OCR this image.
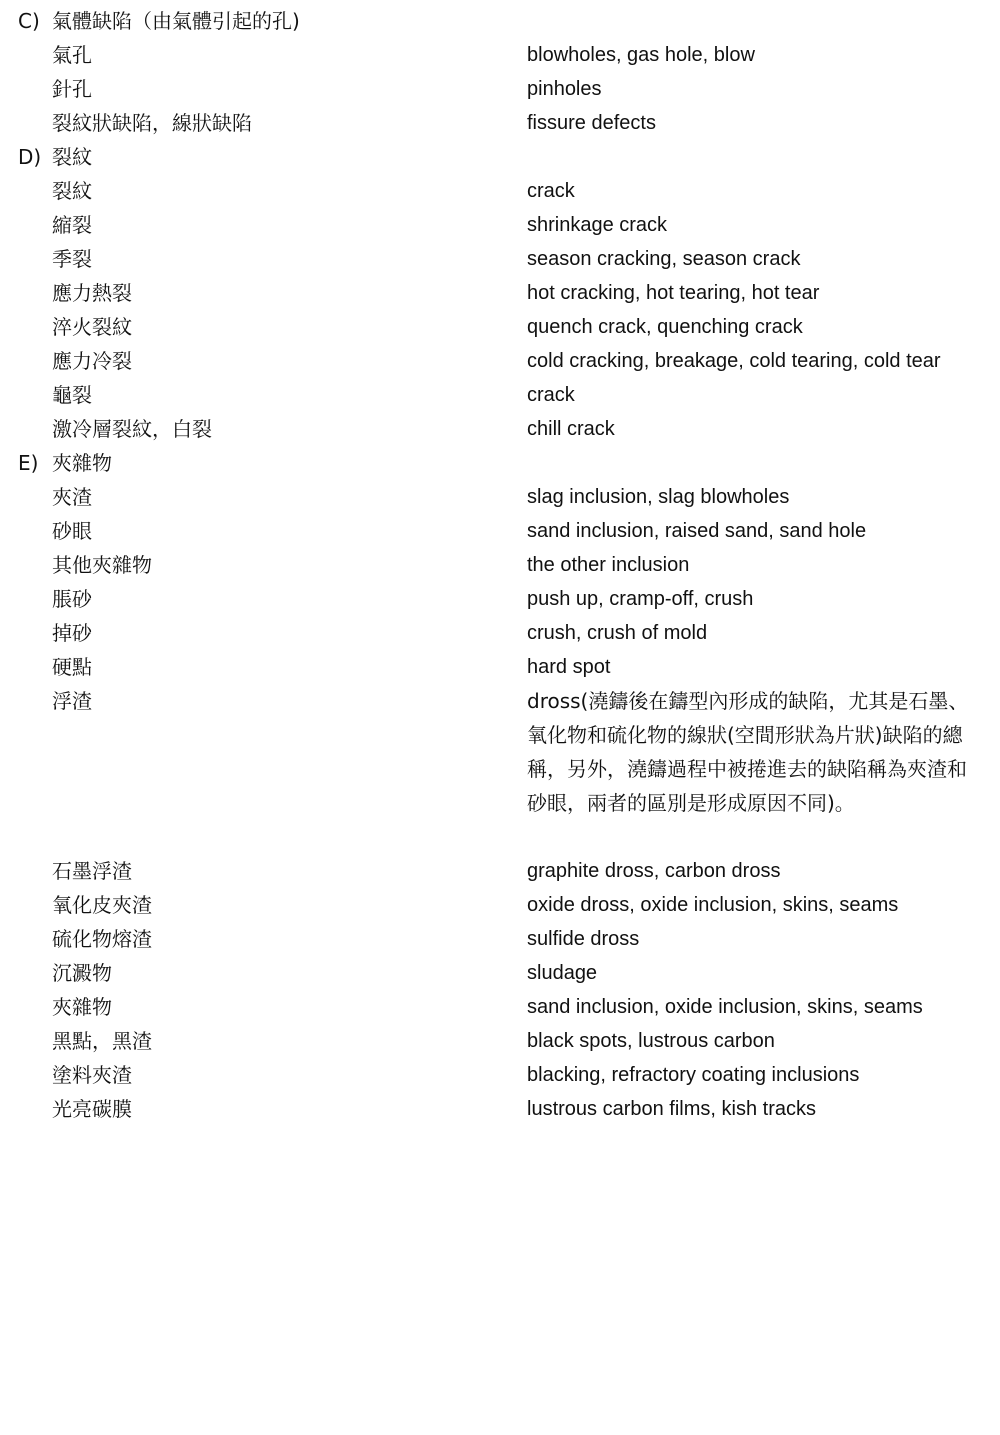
C) 氣體缺陷（由氣體引起的孔)
氣孔	blowholes, gas hole, blow
針孔	pinholes
裂紋狀缺陷，線狀缺陷	fissure defects
D) 裂紋
裂紋	crack
縮裂	shrinkage crack
季裂	season cracking, season crack
應力熱裂	hot cracking, hot tearing, hot tear
淬火裂紋	quench crack, quenching crack
應力冷裂	cold cracking, breakage, cold tearing, cold tear
龜裂	crack
激冷層裂紋，白裂	chill crack
E) 夾雜物
夾渣	slag inclusion, slag blowholes
砂眼	sand inclusion, raised sand, sand hole
其他夾雜物	the other inclusion
脹砂	push up, cramp-off, crush
掉砂	crush, crush of mold
硬點	hard spot
浮渣	dross(澆鑄後在鑄型內形成的缺陷，尤其是石墨、氧化物和硫化物的線狀(空間形狀為片狀)缺陷的總稱，另外，澆鑄過程中被捲進去的缺陷稱為夾渣和砂眼，兩者的區別是形成原因不同)。
石墨浮渣	graphite dross, carbon dross
氧化皮夾渣	oxide dross, oxide inclusion, skins, seams
硫化物熔渣	sulfide dross
沉澱物	sludage
夾雜物	sand inclusion, oxide inclusion, skins, seams
黑點，黑渣	black spots, lustrous carbon
塗料夾渣	blacking, refractory coating inclusions
光亮碳膜	lustrous carbon films, kish tracks
